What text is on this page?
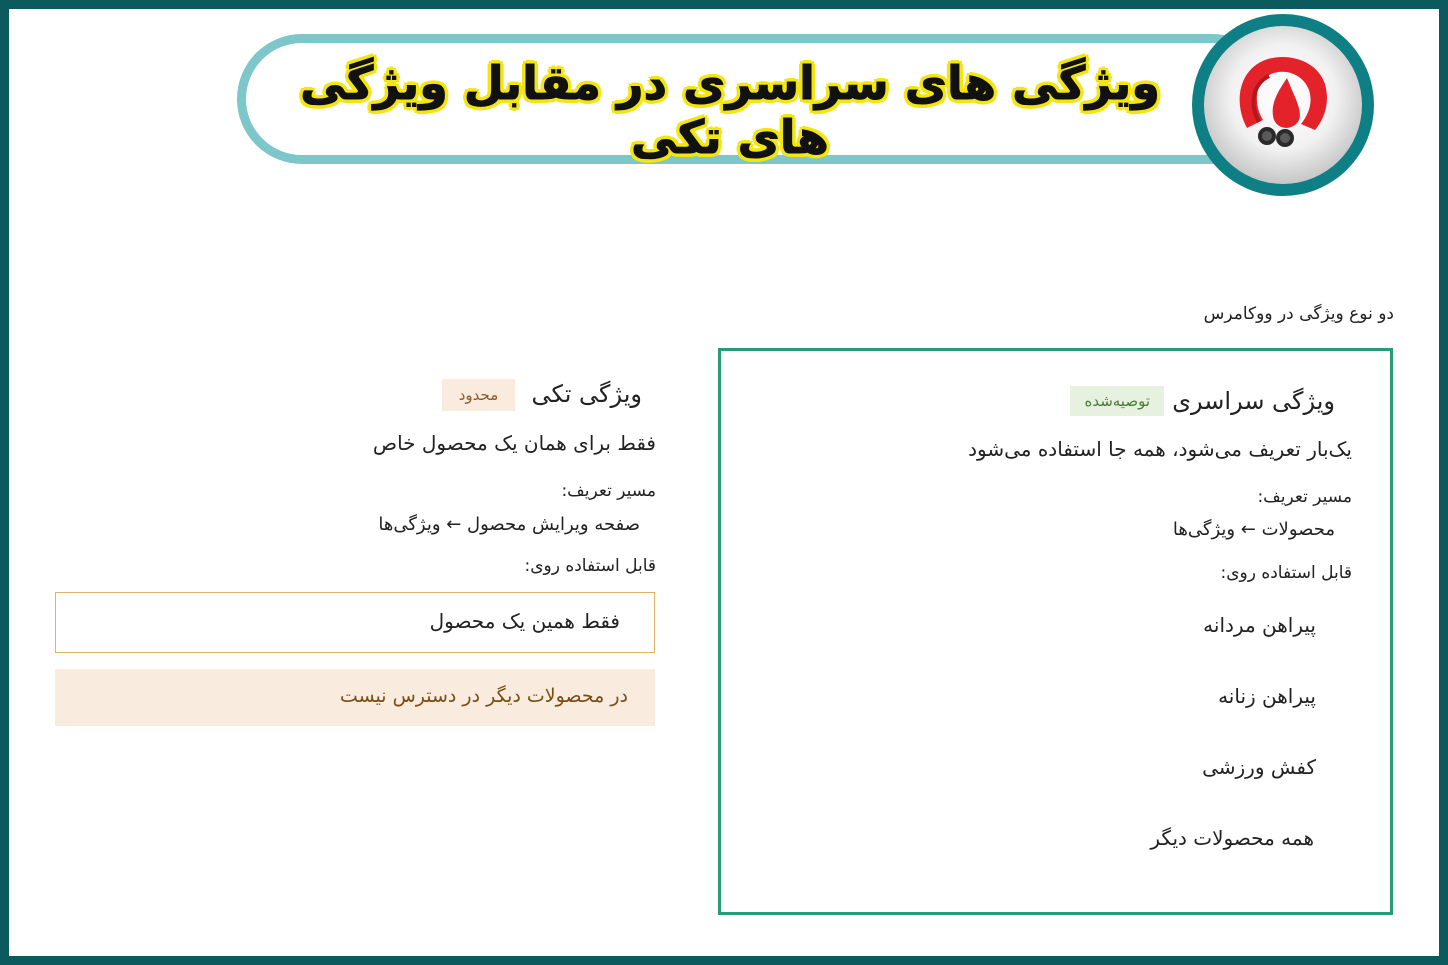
ویژگی های سراسری در مقابل ویژگی های تکی
دو نوع ویژگی در ووکامرس
ویژگی سراسری
توصیه‌شده
یک‌بار تعریف می‌شود، همه جا استفاده می‌شود
مسیر تعریف:
محصولات ← ویژگی‌ها
قابل استفاده روی:
پیراهن مردانه
پیراهن زنانه
کفش ورزشی
همه محصولات دیگر
ویژگی تکی
محدود
فقط برای همان یک محصول خاص
مسیر تعریف:
صفحه ویرایش محصول ← ویژگی‌ها
قابل استفاده روی:
فقط همین یک محصول
در محصولات دیگر در دسترس نیست
